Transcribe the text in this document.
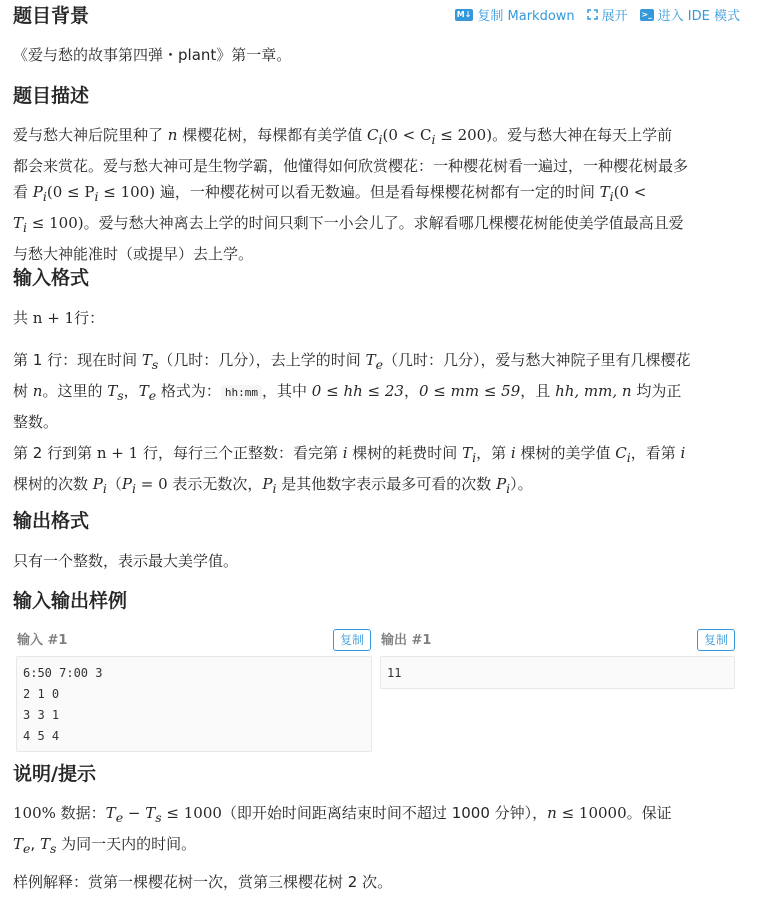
M↓ 复制 Markdown 展开 >_ 进入 IDE 模式
题目背景
《爱与愁的故事第四弹・plant》第一章。
题目描述
爱与愁大神后院里种了 n 棵樱花树，每棵都有美学值 $C_i(0 < C_i \le 200)$。爱与愁大神在每天上学前
都会来赏花。爱与愁大神可是生物学霸，他懂得如何欣赏樱花：一种樱花树看一遍过，一种樱花树最多
看 $P_i(0 \le P_i \le 100)$ 遍，一种樱花树可以看无数遍。但是看每棵樱花树都有一定的时间 $T_i(0$ <
$T_i \le 100$)。爱与愁大神离去上学的时间只剩下一小会儿了。求解看哪几棵樱花树能使美学值最高且爱
与愁大神能准时（或提早）去上学。
输入格式
共 n + 1行：
第 1 行：现在时间 $T_s$（几时：几分），去上学的时间 $T_e$（几时：几分），爱与愁大神院子里有几棵樱花
树 n。这里的 $T_s$，$T_e$ 格式为： hh:mm ，其中 0 ≤ hh ≤ 23，0 ≤ mm ≤ 59，且 hh, mm, n 均为正
整数。
第 2 行到第 n + 1 行，每行三个正整数：看完第 i 棵树的耗费时间 $T_i$，第 i 棵树的美学值 $C_i$，看第 i
棵树的次数 $P_i(P_i = 0$ 表示无数次，$P_i$ 是其他数字表示最多可看的次数 $P_i$）。
输出格式
只有一个整数，表示最大美学值。
输入输出样例
输入 #1	复制
6:50 7:00 3
2 1 0
3 3 1
4 5 4
输出 #1	复制
11
说明/提示
100% 数据：$T_e - T_s \le 1000$（即开始时间距离结束时间不超过 1000 分钟），n ≤ 10000。保证
$T_e$, $T_s$ 为同一天内的时间。
样例解释：赏第一棵樱花树一次，赏第三棵樱花树 2 次。
